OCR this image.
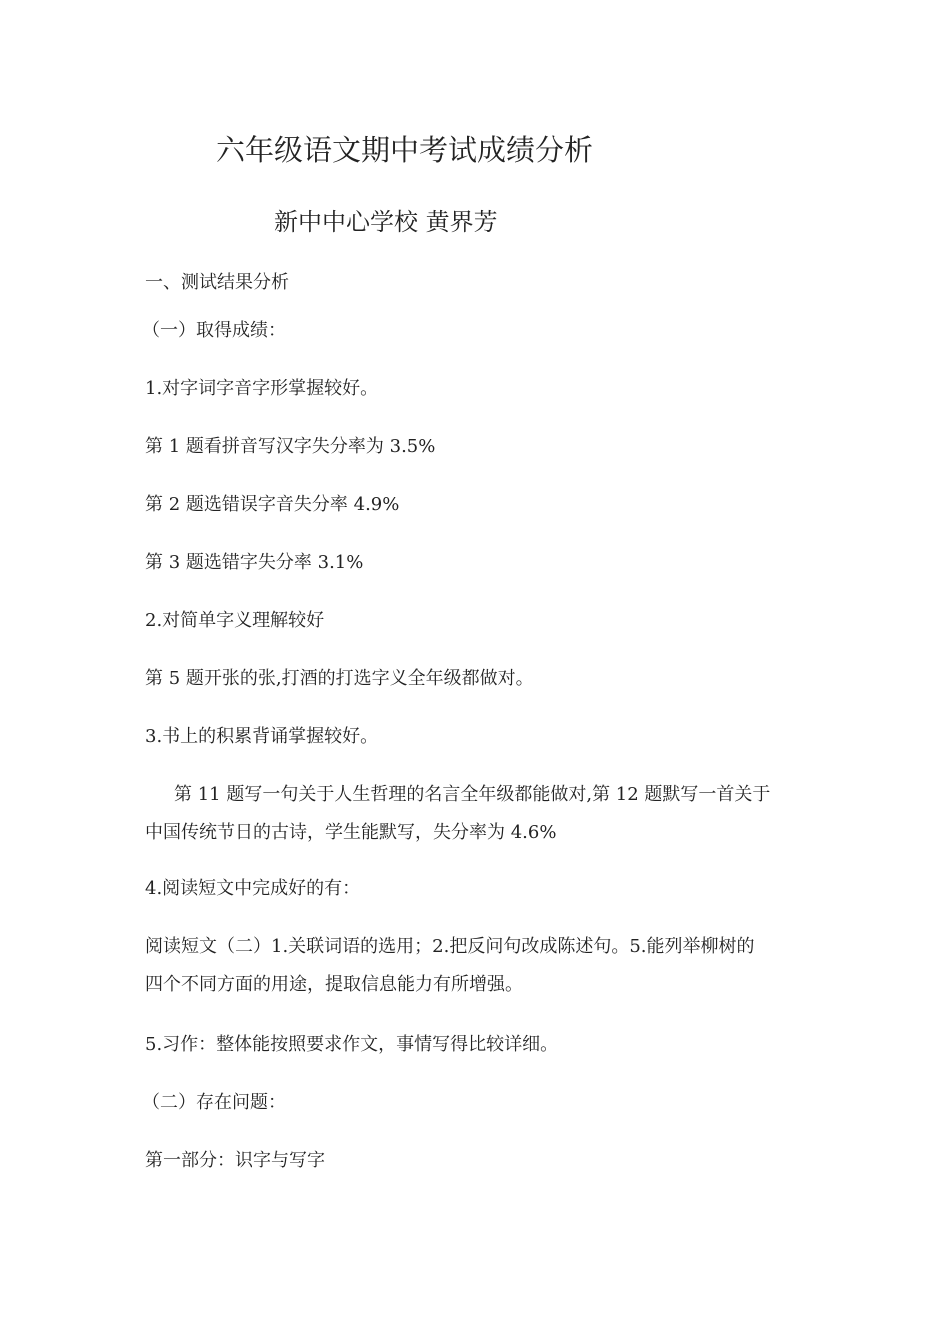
六年级语文期中考试成绩分析
新中中心学校 黄界芳
一、测试结果分析
（一）取得成绩：
1.对字词字音字形掌握较好。
第 1 题看拼音写汉字失分率为 3.5%
第 2 题选错误字音失分率 4.9%
第 3 题选错字失分率 3.1%
2.对简单字义理解较好
第 5 题开张的张,打酒的打选字义全年级都做对。
3.书上的积累背诵掌握较好。
第 11 题写一句关于人生哲理的名言全年级都能做对,第 12 题默写一首关于
中国传统节日的古诗，学生能默写，失分率为 4.6%
4.阅读短文中完成好的有：
阅读短文（二）1.关联词语的选用；2.把反问句改成陈述句。5.能列举柳树的
四个不同方面的用途，提取信息能力有所增强。
5.习作：整体能按照要求作文，事情写得比较详细。
（二）存在问题：
第一部分：识字与写字
